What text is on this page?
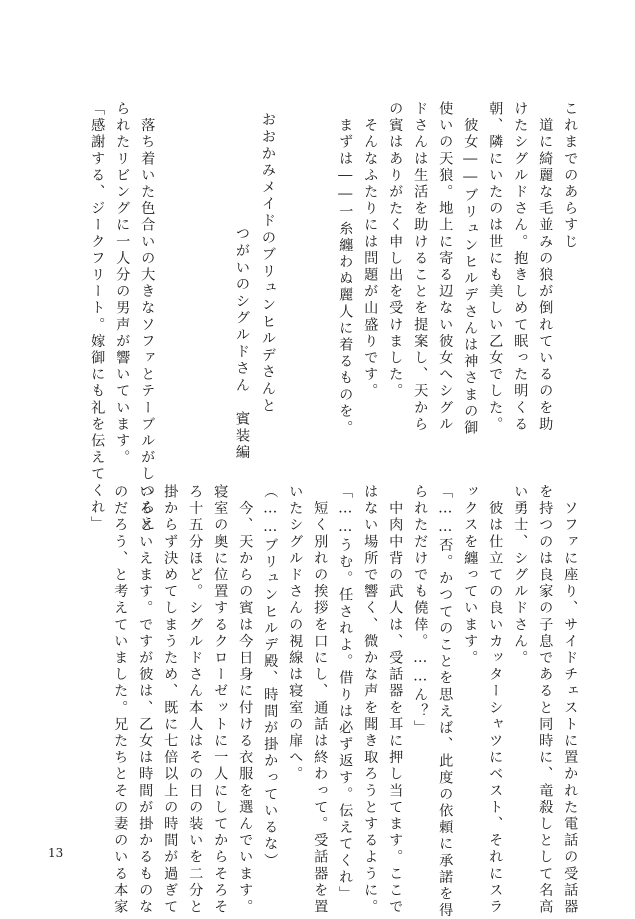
これまでのあらすじ

　道に綺麗な毛並みの狼が倒れているのを助

けたシグルドさん。抱きしめて眠った明くる

朝、隣にいたのは世にも美しい乙女でした。

　彼女――ブリュンヒルデさんは神さまの御

使いの天狼。地上に寄る辺ない彼女へシグル

ドさんは生活を助けることを提案し、天から

の賓はありがたく申し出を受けました。

　そんなふたりには問題が山盛りです。

　まずは――一糸纏わぬ麗人に着るものを。

おおかみメイドのブリュンヒルデさんと

つがいのシグルドさん　賓装編

　落ち着いた色合いの大きなソファとテーブルがしつらえ

られたリビングに一人分の男声が響いています。

「感謝する、ジークフリート。嫁御にも礼を伝えてくれ」

　ソファに座り、サイドチェストに置かれた電話の受話器

を持つのは良家の子息であると同時に、竜殺しとして名高

い勇士、シグルドさん。

　彼は仕立ての良いカッターシャツにベスト、それにスラ

ックスを纏っています。

「……否。かつてのことを思えば、此度の依頼に承諾を得

られただけでも僥倖。……ん？」

　中肉中背の武人は、受話器を耳に押し当てます。ここで

はない場所で響く、微かな声を聞き取ろうとするように。

「……うむ。任されよ。借りは必ず返す。伝えてくれ」

　短く別れの挨拶を口にし、通話は終わって。受話器を置

いたシグルドさんの視線は寝室の扉へ。

（……ブリュンヒルデ殿、時間が掛かっているな）

　今、天からの賓は今日身に付ける衣服を選んでいます。

寝室の奥に位置するクローゼットに一人にしてからそろそ

ろ十五分ほど。シグルドさん本人はその日の装いを二分と

掛からず決めてしまうため、既に七倍以上の時間が過ぎて

いるといえます。ですが彼は、乙女は時間が掛かるものな

のだろう、と考えていました。兄たちとその妻のいる本家

13
